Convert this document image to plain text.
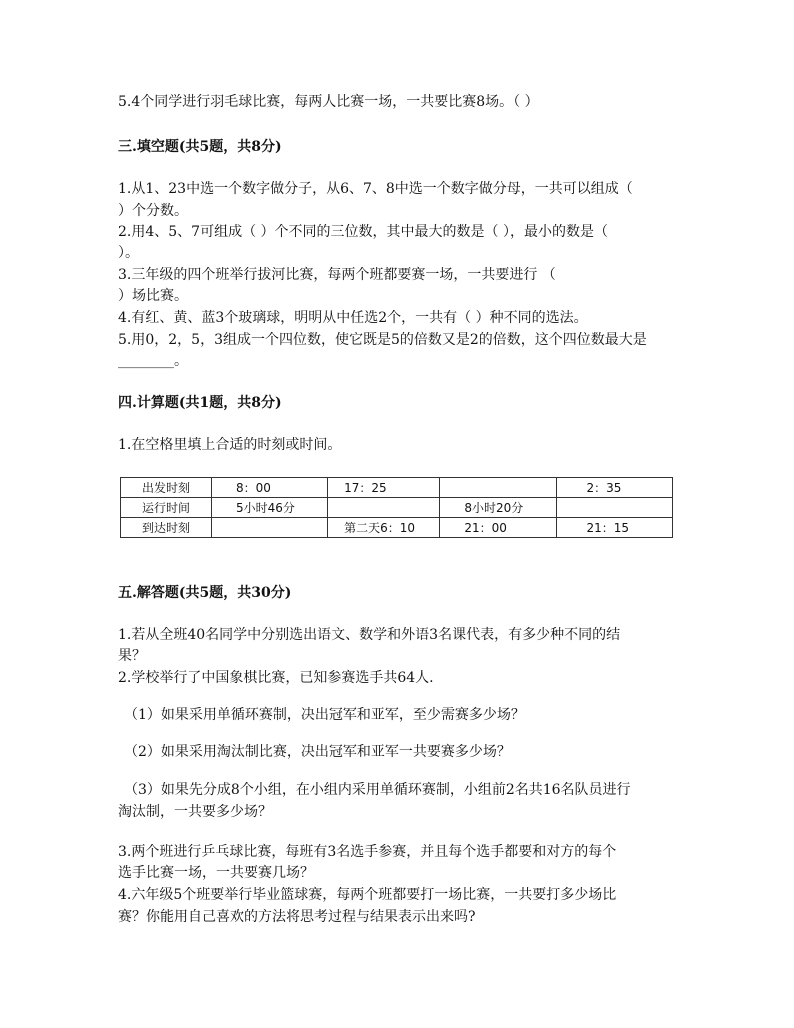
5.4个同学进行羽毛球比赛，每两人比赛一场，一共要比赛8场。（ ）
三.填空题(共5题，共8分)
1.从1、23中选一个数字做分子，从6、7、8中选一个数字做分母，一共可以组成（
）个分数。
2.用4、5、7可组成（ ）个不同的三位数，其中最大的数是（ ），最小的数是（
）。
3.三年级的四个班举行拔河比赛，每两个班都要赛一场，一共要进行 （
）场比赛。
4.有红、黄、蓝3个玻璃球，明明从中任选2个，一共有（ ）种不同的选法。
5.用0，2，5，3组成一个四位数，使它既是5的倍数又是2的倍数，这个四位数最大是
________。
四.计算题(共1题，共8分)
1.在空格里填上合适的时刻或时间。
出发时刻	8：00	17：25		2：35
运行时间	5小时46分		8小时20分	
到达时刻		第二天6：10	21：00	21：15
五.解答题(共5题，共30分)
1.若从全班40名同学中分别选出语文、数学和外语3名课代表，有多少种不同的结
果？
2.学校举行了中国象棋比赛，已知参赛选手共64人.
（1）如果采用单循环赛制，决出冠军和亚军，至少需赛多少场？
（2）如果采用淘汰制比赛，决出冠军和亚军一共要赛多少场？
（3）如果先分成8个小组，在小组内采用单循环赛制，小组前2名共16名队员进行
淘汰制，一共要多少场？
3.两个班进行乒乓球比赛，每班有3名选手参赛，并且每个选手都要和对方的每个
选手比赛一场，一共要赛几场？
4.六年级5个班要举行毕业篮球赛，每两个班都要打一场比赛，一共要打多少场比
赛？你能用自己喜欢的方法将思考过程与结果表示出来吗?
